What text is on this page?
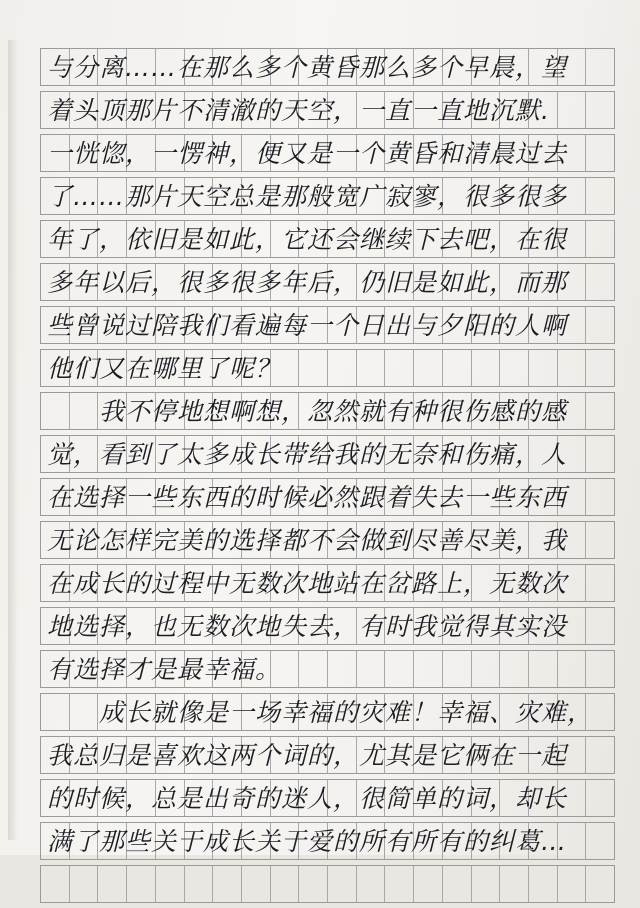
与分离……在那么多个黄昏那么多个早晨，望
着头顶那片不清澈的天空，一直一直地沉默.
一恍惚，一愣神，便又是一个黄昏和清晨过去
了……那片天空总是那般宽广寂寥，很多很多
年了，依旧是如此，它还会继续下去吧，在很
多年以后，很多很多年后，仍旧是如此，而那
些曾说过陪我们看遍每一个日出与夕阳的人啊
他们又在哪里了呢？
　　我不停地想啊想，忽然就有种很伤感的感
觉，看到了太多成长带给我的无奈和伤痛，人
在选择一些东西的时候必然跟着失去一些东西
无论怎样完美的选择都不会做到尽善尽美，我
在成长的过程中无数次地站在岔路上，无数次
地选择，也无数次地失去，有时我觉得其实没
有选择才是最幸福。
　　成长就像是一场幸福的灾难！幸福、灾难，
我总归是喜欢这两个词的，尤其是它俩在一起
的时候，总是出奇的迷人，很简单的词，却长
满了那些关于成长关于爱的所有所有的纠葛…
